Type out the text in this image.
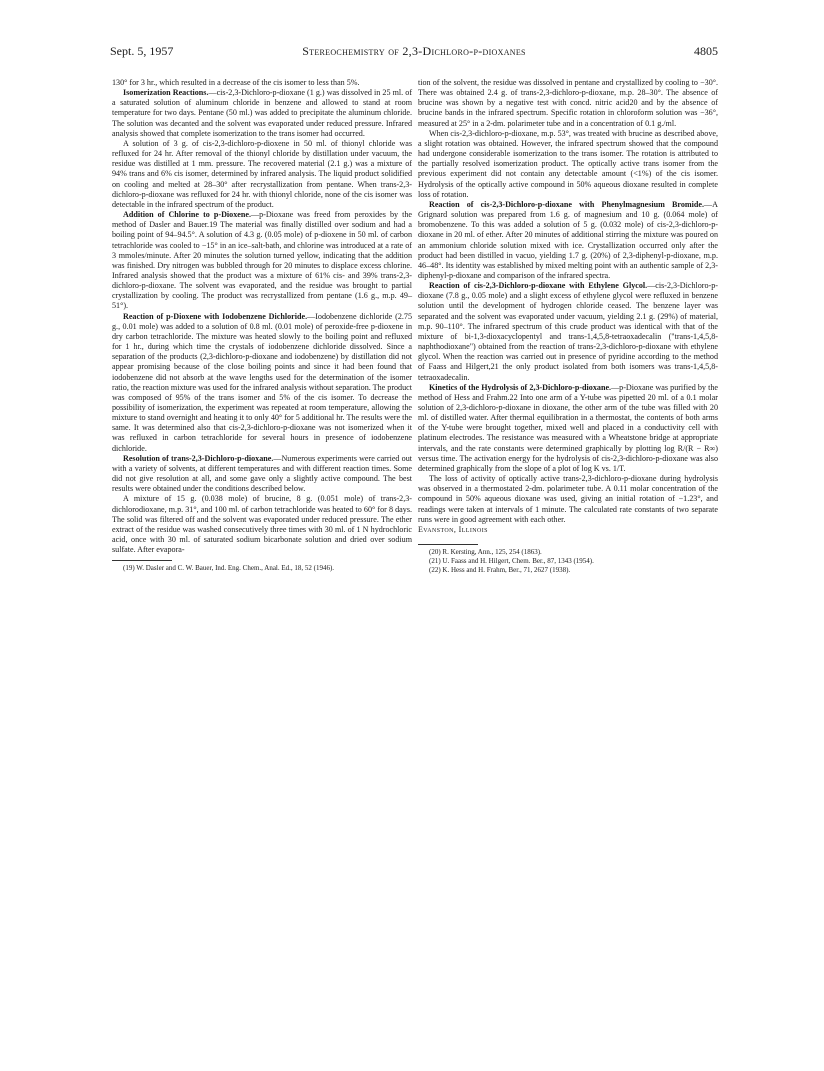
Sept. 5, 1957	Stereochemistry of 2,3-Dichloro-p-dioxanes	4805

130° for 3 hr., which resulted in a decrease of the cis isomer to less than 5%.

Isomerization Reactions.—cis-2,3-Dichloro-p-dioxane (1 g.) was dissolved in 25 ml. of a saturated solution of aluminum chloride in benzene and allowed to stand at room temperature for two days. Pentane (50 ml.) was added to precipitate the aluminum chloride. The solution was decanted and the solvent was evaporated under reduced pressure. Infrared analysis showed that complete isomerization to the trans isomer had occurred.

A solution of 3 g. of cis-2,3-dichloro-p-dioxene in 50 ml. of thionyl chloride was refluxed for 24 hr. After removal of the thionyl chloride by distillation under vacuum, the residue was distilled at 1 mm. pressure. The recovered material (2.1 g.) was a mixture of 94% trans and 6% cis isomer, determined by infrared analysis. The liquid product solidified on cooling and melted at 28–30° after recrystallization from pentane. When trans-2,3-dichloro-p-dioxane was refluxed for 24 hr. with thionyl chloride, none of the cis isomer was detectable in the infrared spectrum of the product.

Addition of Chlorine to p-Dioxene.—p-Dioxane was freed from peroxides by the method of Dasler and Bauer.19 The material was finally distilled over sodium and had a boiling point of 94–94.5°. A solution of 4.3 g. (0.05 mole) of p-dioxene in 50 ml. of carbon tetrachloride was cooled to −15° in an ice–salt-bath, and chlorine was introduced at a rate of 3 mmoles/minute. After 20 minutes the solution turned yellow, indicating that the addition was finished. Dry nitrogen was bubbled through for 20 minutes to displace excess chlorine. Infrared analysis showed that the product was a mixture of 61% cis- and 39% trans-2,3-dichloro-p-dioxane. The solvent was evaporated, and the residue was brought to partial crystallization by cooling. The product was recrystallized from pentane (1.6 g., m.p. 49–51°).

Reaction of p-Dioxene with Iodobenzene Dichloride.—Iodobenzene dichloride (2.75 g., 0.01 mole) was added to a solution of 0.8 ml. (0.01 mole) of peroxide-free p-dioxene in dry carbon tetrachloride. The mixture was heated slowly to the boiling point and refluxed for 1 hr., during which time the crystals of iodobenzene dichloride dissolved. Since a separation of the products (2,3-dichloro-p-dioxane and iodobenzene) by distillation did not appear promising because of the close boiling points and since it had been found that iodobenzene did not absorb at the wave lengths used for the determination of the isomer ratio, the reaction mixture was used for the infrared analysis without separation. The product was composed of 95% of the trans isomer and 5% of the cis isomer. To decrease the possibility of isomerization, the experiment was repeated at room temperature, allowing the mixture to stand overnight and heating it to only 40° for 5 additional hr. The results were the same. It was determined also that cis-2,3-dichloro-p-dioxane was not isomerized when it was refluxed in carbon tetrachloride for several hours in presence of iodobenzene dichloride.

Resolution of trans-2,3-Dichloro-p-dioxane.—Numerous experiments were carried out with a variety of solvents, at different temperatures and with different reaction times. Some did not give resolution at all, and some gave only a slightly active compound. The best results were obtained under the conditions described below.

A mixture of 15 g. (0.038 mole) of brucine, 8 g. (0.051 mole) of trans-2,3-dichlorodioxane, m.p. 31°, and 100 ml. of carbon tetrachloride was heated to 60° for 8 days. The solid was filtered off and the solvent was evaporated under reduced pressure. The ether extract of the residue was washed consecutively three times with 30 ml. of 1 N hydrochloric acid, once with 30 ml. of saturated sodium bicarbonate solution and dried over sodium sulfate. After evapora-

(19) W. Dasler and C. W. Bauer, Ind. Eng. Chem., Anal. Ed., 18, 52 (1946).

tion of the solvent, the residue was dissolved in pentane and crystallized by cooling to −30°. There was obtained 2.4 g. of trans-2,3-dichloro-p-dioxane, m.p. 28–30°. The absence of brucine was shown by a negative test with concd. nitric acid20 and by the absence of brucine bands in the infrared spectrum. Specific rotation in chloroform solution was −36°, measured at 25° in a 2-dm. polarimeter tube and in a concentration of 0.1 g./ml.

When cis-2,3-dichloro-p-dioxane, m.p. 53°, was treated with brucine as described above, a slight rotation was obtained. However, the infrared spectrum showed that the compound had undergone considerable isomerization to the trans isomer. The rotation is attributed to the partially resolved isomerization product. The optically active trans isomer from the previous experiment did not contain any detectable amount (<1%) of the cis isomer. Hydrolysis of the optically active compound in 50% aqueous dioxane resulted in complete loss of rotation.

Reaction of cis-2,3-Dichloro-p-dioxane with Phenylmagnesium Bromide.—A Grignard solution was prepared from 1.6 g. of magnesium and 10 g. (0.064 mole) of bromobenzene. To this was added a solution of 5 g. (0.032 mole) of cis-2,3-dichloro-p-dioxane in 20 ml. of ether. After 20 minutes of additional stirring the mixture was poured on an ammonium chloride solution mixed with ice. Crystallization occurred only after the product had been distilled in vacuo, yielding 1.7 g. (20%) of 2,3-diphenyl-p-dioxane, m.p. 46–48°. Its identity was established by mixed melting point with an authentic sample of 2,3-diphenyl-p-dioxane and comparison of the infrared spectra.

Reaction of cis-2,3-Dichloro-p-dioxane with Ethylene Glycol.—cis-2,3-Dichloro-p-dioxane (7.8 g., 0.05 mole) and a slight excess of ethylene glycol were refluxed in benzene solution until the development of hydrogen chloride ceased. The benzene layer was separated and the solvent was evaporated under vacuum, yielding 2.1 g. (29%) of material, m.p. 90–110°. The infrared spectrum of this crude product was identical with that of the mixture of bi-1,3-dioxacyclopentyl and trans-1,4,5,8-tetraoxadecalin ("trans-1,4,5,8-naphthodioxane") obtained from the reaction of trans-2,3-dichloro-p-dioxane with ethylene glycol. When the reaction was carried out in presence of pyridine according to the method of Faass and Hilgert,21 the only product isolated from both isomers was trans-1,4,5,8-tetraoxadecalin.

Kinetics of the Hydrolysis of 2,3-Dichloro-p-dioxane.—p-Dioxane was purified by the method of Hess and Frahm.22 Into one arm of a Y-tube was pipetted 20 ml. of a 0.1 molar solution of 2,3-dichloro-p-dioxane in dioxane, the other arm of the tube was filled with 20 ml. of distilled water. After thermal equilibration in a thermostat, the contents of both arms of the Y-tube were brought together, mixed well and placed in a conductivity cell with platinum electrodes. The resistance was measured with a Wheatstone bridge at appropriate intervals, and the rate constants were determined graphically by plotting log R/(R − R∞) versus time. The activation energy for the hydrolysis of cis-2,3-dichloro-p-dioxane was also determined graphically from the slope of a plot of log K vs. 1/T.

The loss of activity of optically active trans-2,3-dichloro-p-dioxane during hydrolysis was observed in a thermostated 2-dm. polarimeter tube. A 0.11 molar concentration of the compound in 50% aqueous dioxane was used, giving an initial rotation of −1.23°, and readings were taken at intervals of 1 minute. The calculated rate constants of two separate runs were in good agreement with each other.

Evanston, Illinois

(20) R. Kersting, Ann., 125, 254 (1863).

(21) U. Faass and H. Hilgert, Chem. Ber., 87, 1343 (1954).

(22) K. Hess and H. Frahm, Ber., 71, 2627 (1938).
